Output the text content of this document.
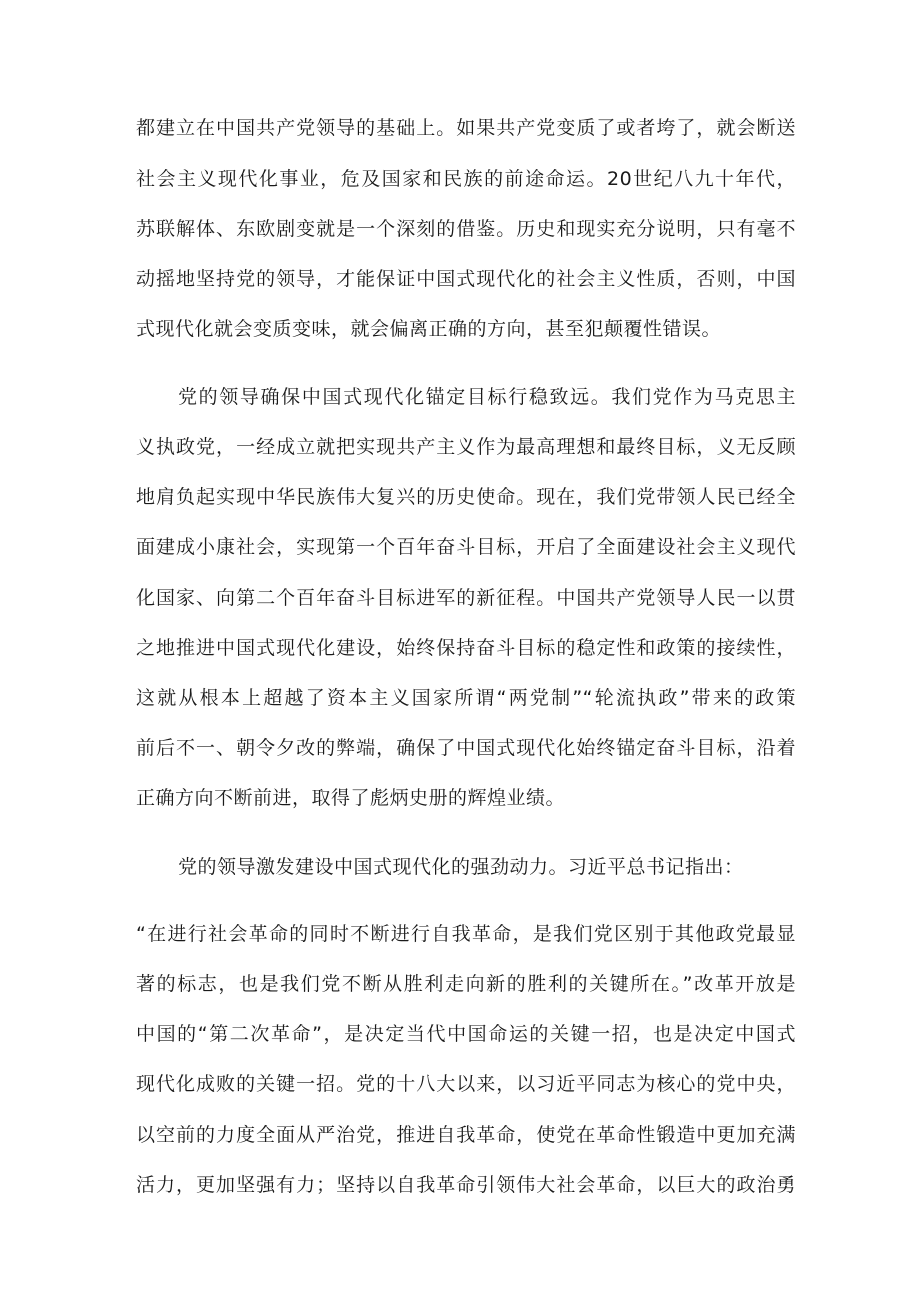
都建立在中国共产党领导的基础上。如果共产党变质了或者垮了，就会断送
社会主义现代化事业，危及国家和民族的前途命运。20世纪八九十年代，
苏联解体、东欧剧变就是一个深刻的借鉴。历史和现实充分说明，只有毫不
动摇地坚持党的领导，才能保证中国式现代化的社会主义性质，否则，中国
式现代化就会变质变味，就会偏离正确的方向，甚至犯颠覆性错误。
党的领导确保中国式现代化锚定目标行稳致远。我们党作为马克思主
义执政党，一经成立就把实现共产主义作为最高理想和最终目标，义无反顾
地肩负起实现中华民族伟大复兴的历史使命。现在，我们党带领人民已经全
面建成小康社会，实现第一个百年奋斗目标，开启了全面建设社会主义现代
化国家、向第二个百年奋斗目标进军的新征程。中国共产党领导人民一以贯
之地推进中国式现代化建设，始终保持奋斗目标的稳定性和政策的接续性，
这就从根本上超越了资本主义国家所谓“两党制”“轮流执政”带来的政策
前后不一、朝令夕改的弊端，确保了中国式现代化始终锚定奋斗目标，沿着
正确方向不断前进，取得了彪炳史册的辉煌业绩。
党的领导激发建设中国式现代化的强劲动力。习近平总书记指出：
“在进行社会革命的同时不断进行自我革命，是我们党区别于其他政党最显
著的标志，也是我们党不断从胜利走向新的胜利的关键所在。”改革开放是
中国的“第二次革命”，是决定当代中国命运的关键一招，也是决定中国式
现代化成败的关键一招。党的十八大以来，以习近平同志为核心的党中央，
以空前的力度全面从严治党，推进自我革命，使党在革命性锻造中更加充满
活力，更加坚强有力；坚持以自我革命引领伟大社会革命，以巨大的政治勇
